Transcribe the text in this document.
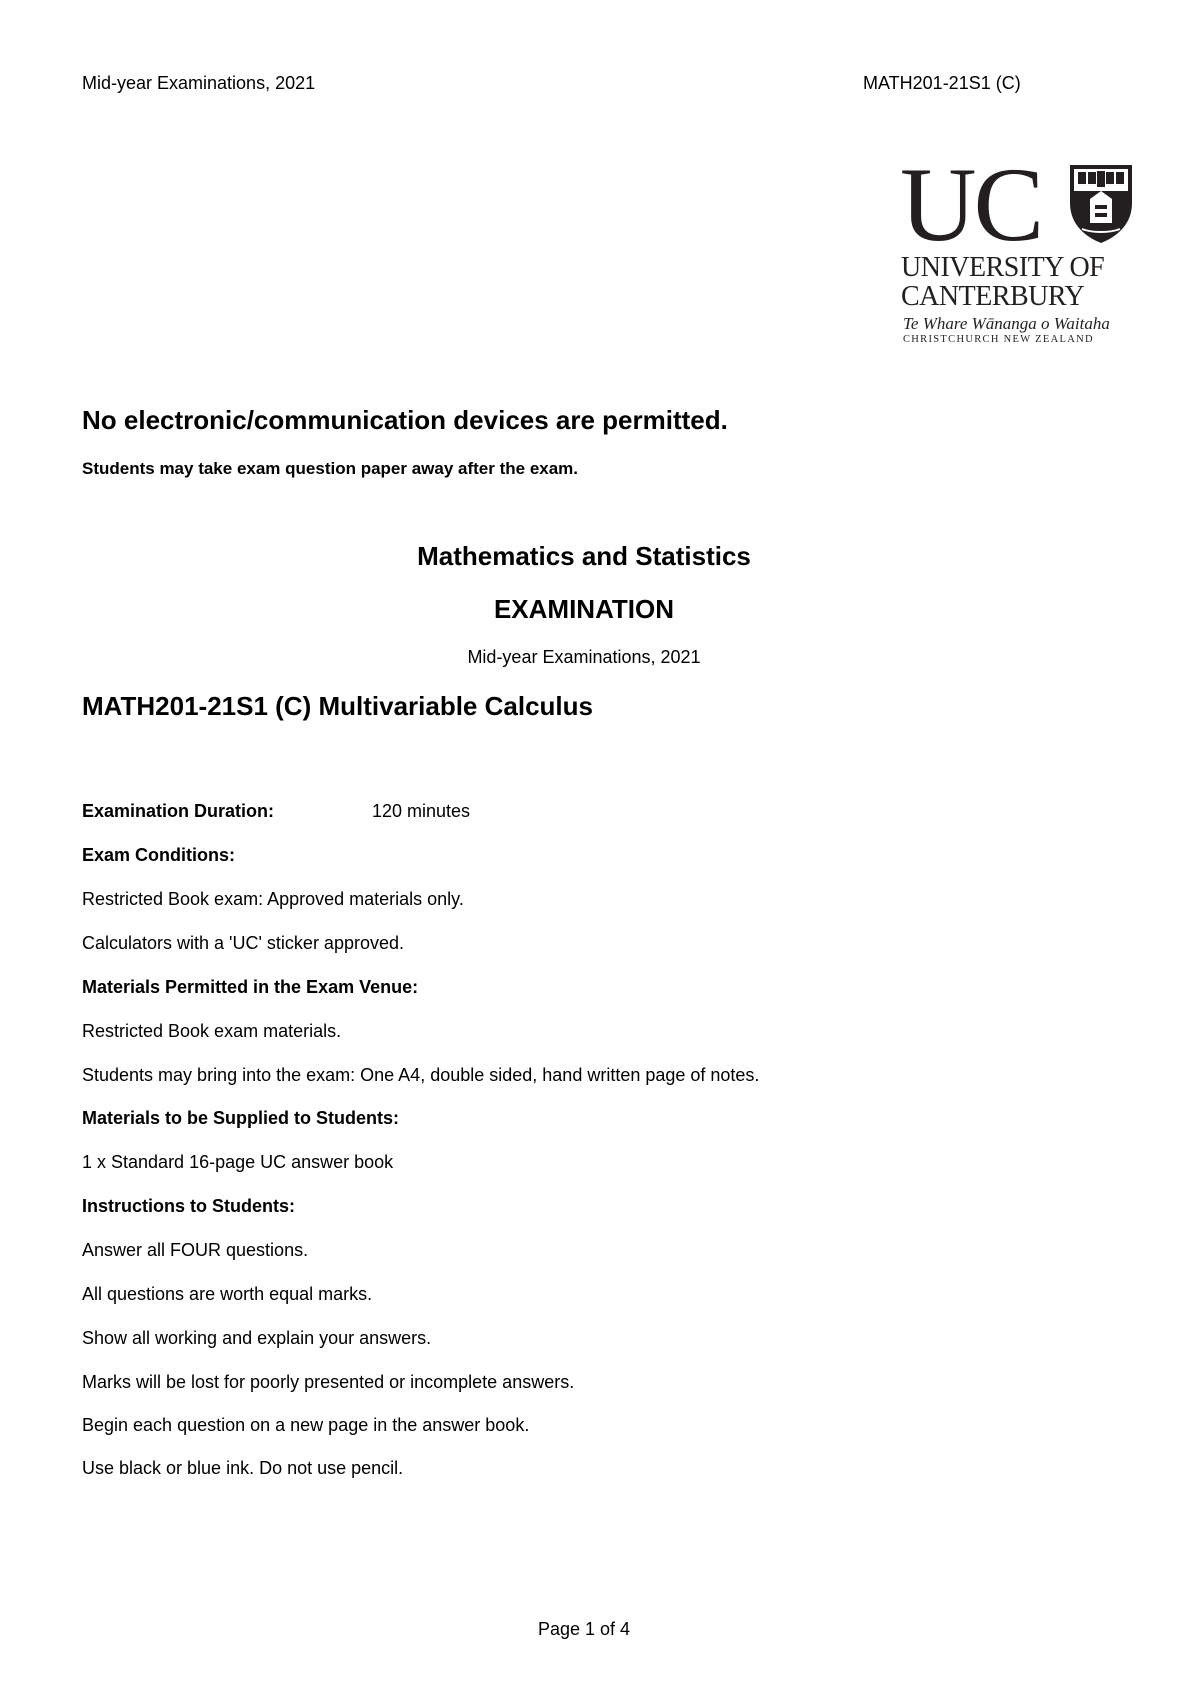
Mid-year Examinations, 2021	MATH201-21S1 (C)
UC
UNIVERSITY OF
CANTERBURY
Te Whare Wānanga o Waitaha
CHRISTCHURCH NEW ZEALAND
No electronic/communication devices are permitted.
Students may take exam question paper away after the exam.
Mathematics and Statistics
EXAMINATION
Mid-year Examinations, 2021
MATH201-21S1 (C) Multivariable Calculus
Examination Duration:	120 minutes
Exam Conditions:
Restricted Book exam: Approved materials only.
Calculators with a 'UC' sticker approved.
Materials Permitted in the Exam Venue:
Restricted Book exam materials.
Students may bring into the exam: One A4, double sided, hand written page of notes.
Materials to be Supplied to Students:
1 x Standard 16-page UC answer book
Instructions to Students:
Answer all FOUR questions.
All questions are worth equal marks.
Show all working and explain your answers.
Marks will be lost for poorly presented or incomplete answers.
Begin each question on a new page in the answer book.
Use black or blue ink. Do not use pencil.
Page 1 of 4
